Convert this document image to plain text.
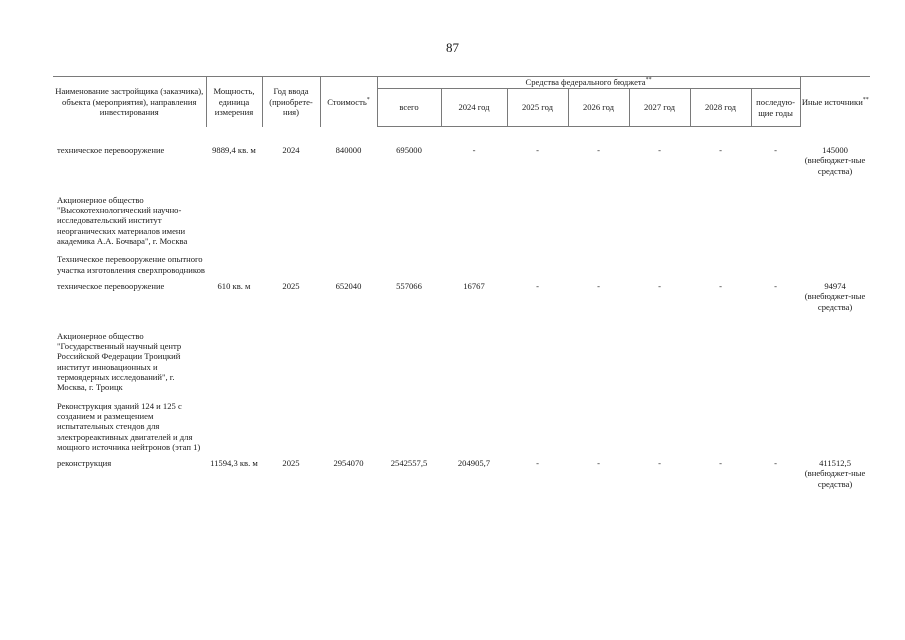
87
Наименование застройщика (заказчика), объекта (мероприятия), направления инвестирования	Мощность, единица измерения	Год ввода (приобрете-ния)	Стоимость*	Средства федерального бюджета**							Иные источники**
				всего	2024 год	2025 год	2026 год	2027 год	2028 год	последую-щие годы	

техническое перевооружение	9889,4 кв. м	2024	840000	695000	-	-	-	-	-	-	145000 (внебюджет-ные средства)
Акционерное общество "Высокотехнологический научно-исследовательский институт неорганических материалов имени академика А.А. Бочвара", г. Москва											
Техническое перевооружение опытного участка изготовления сверхпроводников											
техническое перевооружение	610 кв. м	2025	652040	557066	16767	-	-	-	-	-	94974 (внебюджет-ные средства)
Акционерное общество "Государственный научный центр Российской Федерации Троицкий институт инновационных и термоядерных исследований", г. Москва, г. Троицк											
Реконструкция зданий 124 и 125 с созданием и размещением испытательных стендов для электрореактивных двигателей и для мощного источника нейтронов (этап 1)											
реконструкция	11594,3 кв. м	2025	2954070	2542557,5	204905,7	-	-	-	-	-	411512,5 (внебюджет-ные средства)
